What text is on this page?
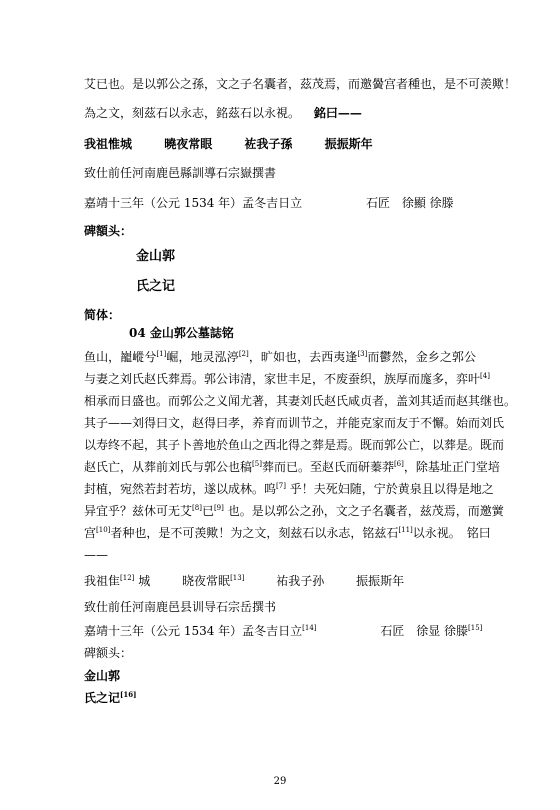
艾已也。是以郭公之孫，文之子名囊者，茲茂焉，而邀黌宫者種也，是不可羨歟！
為之文，刻茲石以永志，銘茲石以永視。 銘曰——
我祖惟城	曉夜常眼	袏我子孫	振振斯年
致仕前任河南鹿邑縣訓導石宗嶽撰書
嘉靖十三年（公元 1534 年）孟冬吉日立	石匠 徐顯 徐滕
碑額头：
金山郭
氏之记
简体：
04 金山郭公墓誌铭
鱼山，巃嵷兮[1]崛，地灵泓渟[2]，旷如也，去西夷逢[3]而鬱然，金乡之郭公
与妻之刘氏赵氏葬焉。郭公讳清，家世丰足，不废蚕织，族厚而庬多，弈叶[4]
相承而日盛也。而郭公之义闻尤著，其妻刘氏赵氏咸贞者，盖刘其适而赵其继也。
其子——刘得曰文，赵得曰孝，养育而训节之，并能克家而友于不懈。始而刘氏
以寿终不起，其子卜善地於鱼山之西北得之葬是焉。既而郭公亡，以葬是。既而
赵氏亡，从葬前刘氏与郭公也稿[5]葬而已。至赵氏而研蓁莽[6]，除基址正门堂培
封植，宛然若封若坊，遂以成林。呜[7] 乎！夫死妇随，宁於黄泉且以得是地之
异宜乎？兹休可无艾[8]已[9] 也。是以郭公之孙，文之子名囊者，兹茂焉，而邀黉
宫[10]者种也，是不可羡歟！为之文，刻兹石以永志，铭兹石[11]以永视。　铭曰
——
我祖隹[12] 城	晓夜常眠[13]	祐我子孙	振振斯年
致仕前任河南鹿邑县训导石宗岳撰书
嘉靖十三年（公元 1534 年）孟冬吉日立[14]	石匠 徐显 徐滕[15]
碑额头：
金山郭
氏之记[16]
29
